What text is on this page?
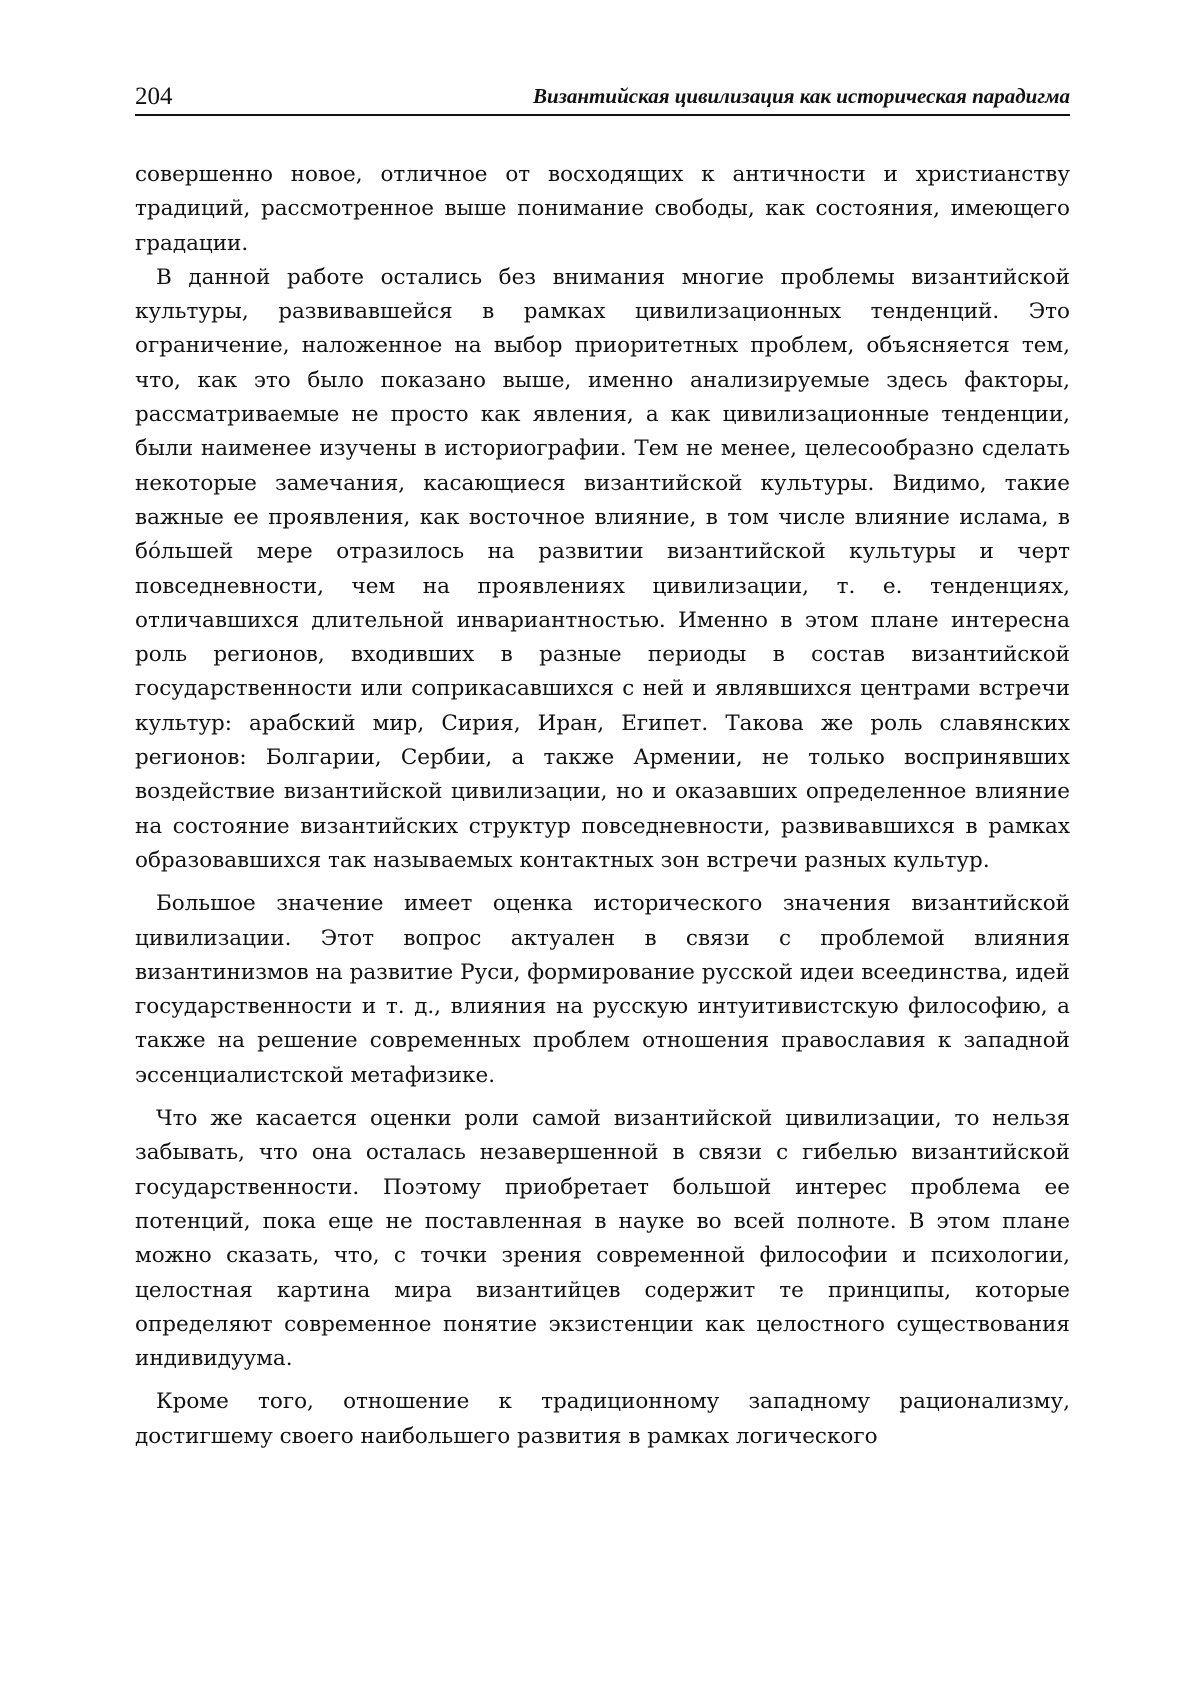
204	Византийская цивилизация как историческая парадигма

совершенно новое, отличное от восходящих к античности и христианству традиций, рассмотренное выше понимание свободы, как состояния, имеющего градации.

В данной работе остались без внимания многие проблемы византийской культуры, развивавшейся в рамках цивилизационных тенденций. Это ограничение, наложенное на выбор приоритетных проблем, объясняется тем, что, как это было показано выше, именно анализируемые здесь факторы, рассматриваемые не просто как явления, а как цивилизационные тенденции, были наименее изучены в историографии. Тем не менее, целесообразно сделать некоторые замечания, касающиеся византийской культуры. Видимо, такие важные ее проявления, как восточное влияние, в том числе влияние ислама, в бóльшей мере отразилось на развитии византийской культуры и черт повседневности, чем на проявлениях цивилизации, т. е. тенденциях, отличавшихся длительной инвариантностью. Именно в этом плане интересна роль регионов, входивших в разные периоды в состав византийской государственности или соприкасавшихся с ней и являвшихся центрами встречи культур: арабский мир, Сирия, Иран, Египет. Такова же роль славянских регионов: Болгарии, Сербии, а также Армении, не только воспринявших воздействие византийской цивилизации, но и оказавших определенное влияние на состояние византийских структур повседневности, развивавшихся в рамках образовавшихся так называемых контактных зон встречи разных культур.

Большое значение имеет оценка исторического значения византийской цивилизации. Этот вопрос актуален в связи с проблемой влияния византинизмов на развитие Руси, формирование русской идеи всеединства, идей государственности и т. д., влияния на русскую интуитивистскую философию, а также на решение современных проблем отношения православия к западной эссенциалистской метафизике.

Что же касается оценки роли самой византийской цивилизации, то нельзя забывать, что она осталась незавершенной в связи с гибелью византийской государственности. Поэтому приобретает большой интерес проблема ее потенций, пока еще не поставленная в науке во всей полноте. В этом плане можно сказать, что, с точки зрения современной философии и психологии, целостная картина мира византийцев содержит те принципы, которые определяют современное понятие экзистенции как целостного существования индивидуума.

Кроме того, отношение к традиционному западному рационализму, достигшему своего наибольшего развития в рамках логического
